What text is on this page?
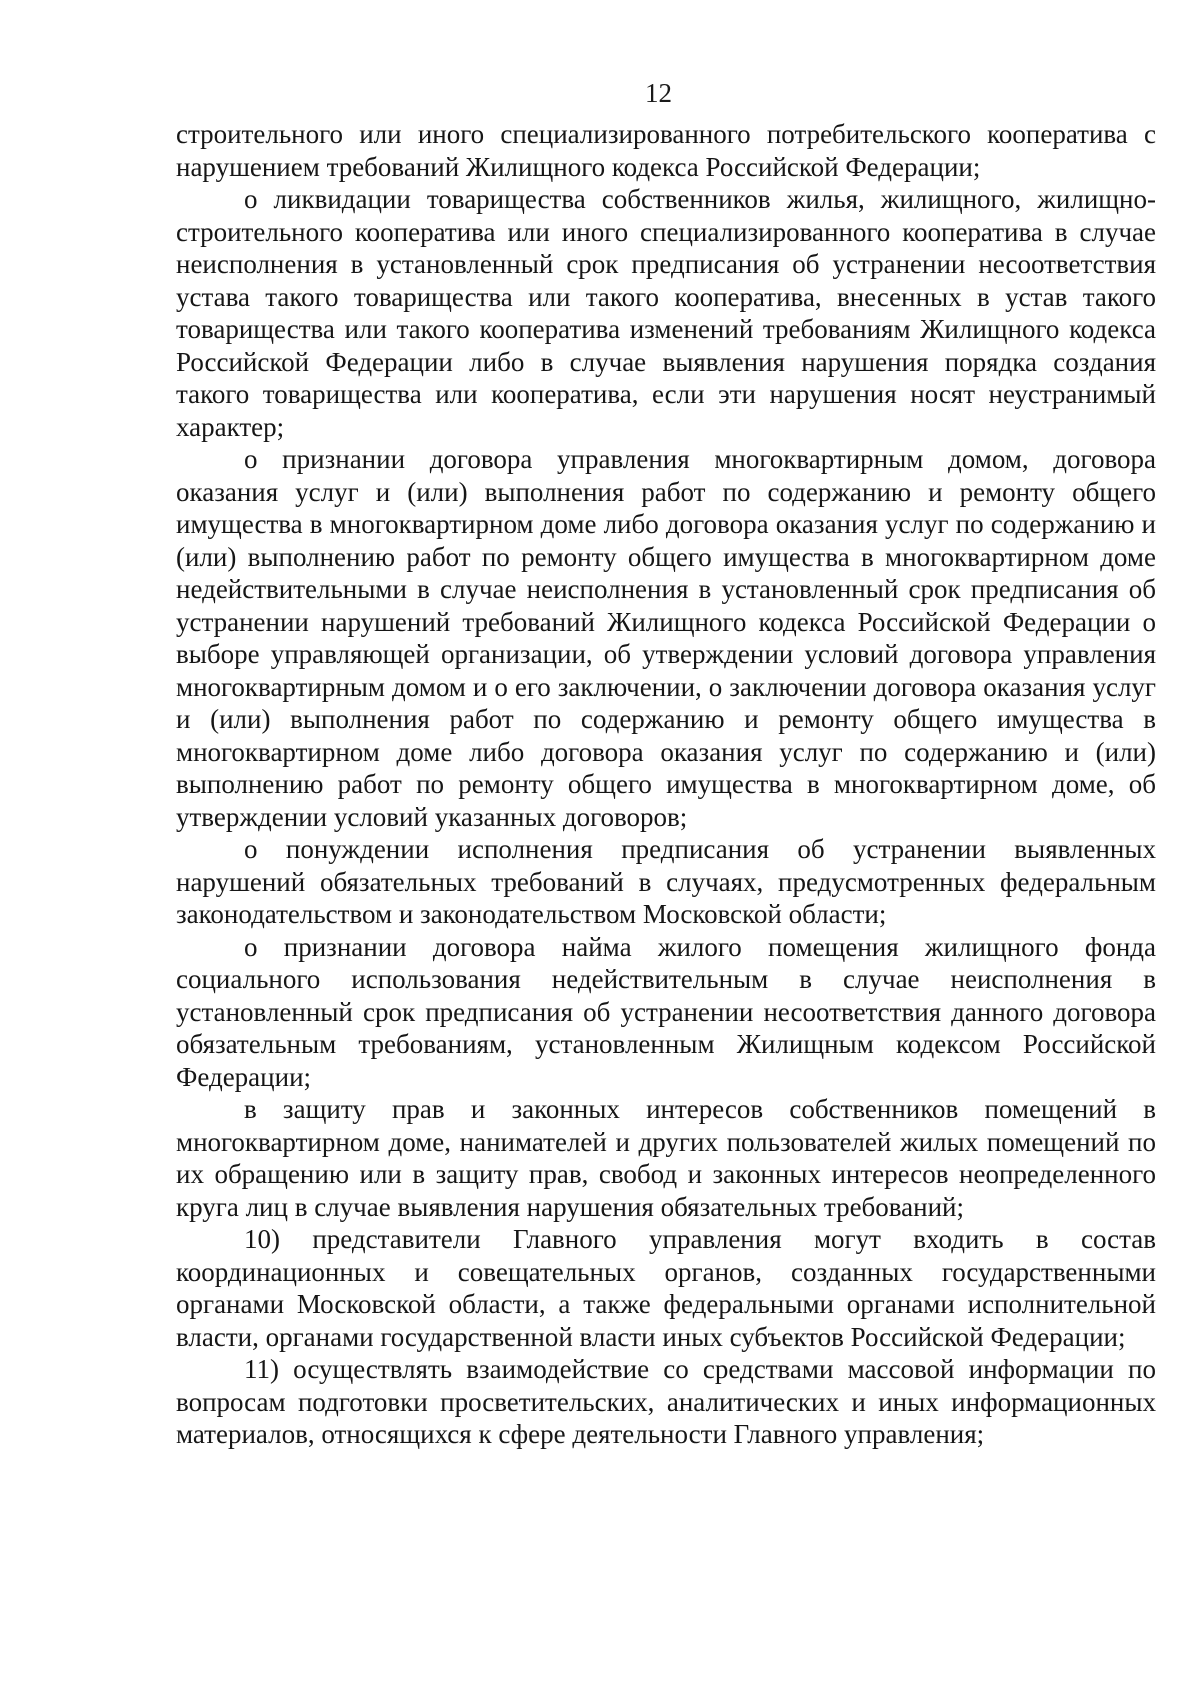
12

строительного или иного специализированного потребительского кооператива с нарушением требований Жилищного кодекса Российской Федерации;

о ликвидации товарищества собственников жилья, жилищного, жилищно-строительного кооператива или иного специализированного кооператива в случае неисполнения в установленный срок предписания об устранении несоответствия устава такого товарищества или такого кооператива, внесенных в устав такого товарищества или такого кооператива изменений требованиям Жилищного кодекса Российской Федерации либо в случае выявления нарушения порядка создания такого товарищества или кооператива, если эти нарушения носят неустранимый характер;

о признании договора управления многоквартирным домом, договора оказания услуг и (или) выполнения работ по содержанию и ремонту общего имущества в многоквартирном доме либо договора оказания услуг по содержанию и (или) выполнению работ по ремонту общего имущества в многоквартирном доме недействительными в случае неисполнения в установленный срок предписания об устранении нарушений требований Жилищного кодекса Российской Федерации о выборе управляющей организации, об утверждении условий договора управления многоквартирным домом и о его заключении, о заключении договора оказания услуг и (или) выполнения работ по содержанию и ремонту общего имущества в многоквартирном доме либо договора оказания услуг по содержанию и (или) выполнению работ по ремонту общего имущества в многоквартирном доме, об утверждении условий указанных договоров;

о понуждении исполнения предписания об устранении выявленных нарушений обязательных требований в случаях, предусмотренных федеральным законодательством и законодательством Московской области;

о признании договора найма жилого помещения жилищного фонда социального использования недействительным в случае неисполнения в установленный срок предписания об устранении несоответствия данного договора обязательным требованиям, установленным Жилищным кодексом Российской Федерации;

в защиту прав и законных интересов собственников помещений в многоквартирном доме, нанимателей и других пользователей жилых помещений по их обращению или в защиту прав, свобод и законных интересов неопределенного круга лиц в случае выявления нарушения обязательных требований;

10) представители Главного управления могут входить в состав координационных и совещательных органов, созданных государственными органами Московской области, а также федеральными органами исполнительной власти, органами государственной власти иных субъектов Российской Федерации;

11) осуществлять взаимодействие со средствами массовой информации по вопросам подготовки просветительских, аналитических и иных информационных материалов, относящихся к сфере деятельности Главного управления;
